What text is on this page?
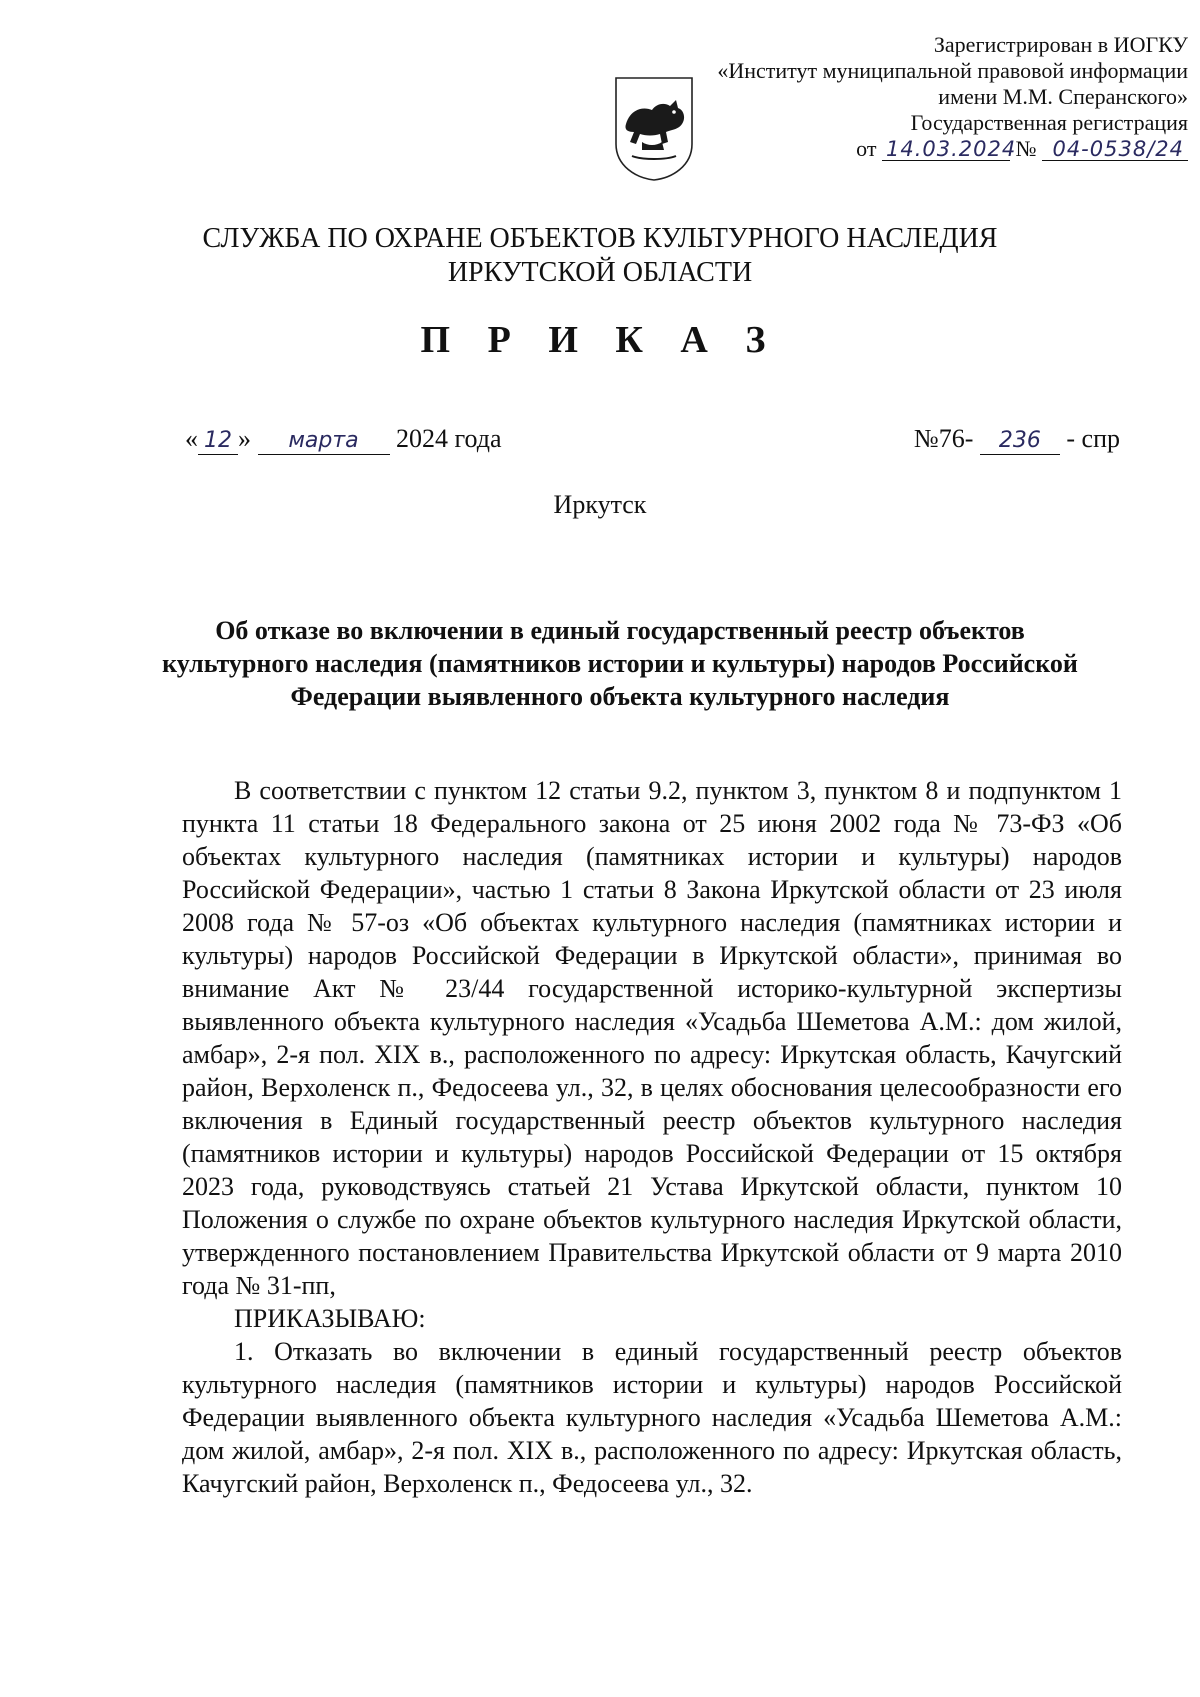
Зарегистрирован в ИОГКУ
«Институт муниципальной правовой информации
имени М.М. Сперанского»
Государственная регистрация
от 14.03.2024 № 04-0538/24
СЛУЖБА ПО ОХРАНЕ ОБЪЕКТОВ КУЛЬТУРНОГО НАСЛЕДИЯ
ИРКУТСКОЙ ОБЛАСТИ
П Р И К А З
« 12 » марта 2024 года	№76- 236 - спр
Иркутск
Об отказе во включении в единый государственный реестр объектов культурного наследия (памятников истории и культуры) народов Российской Федерации выявленного объекта культурного наследия

В соответствии с пунктом 12 статьи 9.2, пунктом 3, пунктом 8 и подпунктом 1 пункта 11 статьи 18 Федерального закона от 25 июня 2002 года № 73-ФЗ «Об объектах культурного наследия (памятниках истории и культуры) народов Российской Федерации», частью 1 статьи 8 Закона Иркутской области от 23 июля 2008 года № 57-оз «Об объектах культурного наследия (памятниках истории и культуры) народов Российской Федерации в Иркутской области», принимая во внимание Акт № 23/44 государственной историко-культурной экспертизы выявленного объекта культурного наследия «Усадьба Шеметова А.М.: дом жилой, амбар», 2-я пол. XIX в., расположенного по адресу: Иркутская область, Качугский район, Верхоленск п., Федосеева ул., 32, в целях обоснования целесообразности его включения в Единый государственный реестр объектов культурного наследия (памятников истории и культуры) народов Российской Федерации от 15 октября 2023 года, руководствуясь статьей 21 Устава Иркутской области, пунктом 10 Положения о службе по охране объектов культурного наследия Иркутской области, утвержденного постановлением Правительства Иркутской области от 9 марта 2010 года № 31-пп,

ПРИКАЗЫВАЮ:

1. Отказать во включении в единый государственный реестр объектов культурного наследия (памятников истории и культуры) народов Российской Федерации выявленного объекта культурного наследия «Усадьба Шеметова А.М.: дом жилой, амбар», 2-я пол. XIX в., расположенного по адресу: Иркутская область, Качугский район, Верхоленск п., Федосеева ул., 32.
